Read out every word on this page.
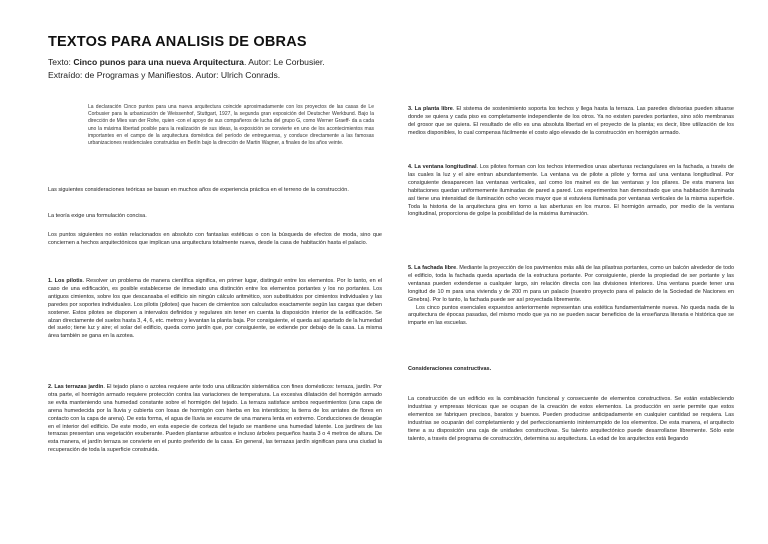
TEXTOS PARA ANALISIS DE OBRAS
Texto: Cinco punos para una nueva Arquitectura. Autor: Le Corbusier.
Extraído: de Programas y Manifiestos. Autor: Ulrich Conrads.

La declaración Cinco puntos para una nueva arquitectura coincide aproximadamente con los proyectos de las casas de Le Corbusier para la urbanización de Weissenhof, Stuttgart, 1927, la segunda gran exposición del Deutscher Werkbund. Bajo la dirección de Mies van der Rohe, quien -con el apoyo de sus compañeros de lucha del grupo G, como Werner Graeff- da a cada uno la máxima libertad posible para la realización de sus ideas, la exposición se convierte en uno de los acontecimientos mas importantes en el campo de la arquitectura doméstica del período de entreguerras, y conduce directamente a las famosas urbanizaciones residenciales construidas en Berlín bajo la dirección de Martin Wagner, a finales de los años veinte.

Las siguientes consideraciones teóricas se basan en muchos años de experiencia práctica en el terreno de la construcción.

La teoría exige una formulación concisa.

Los puntos siguientes no están relacionados en absoluto con fantasías estéticas o con la búsqueda de efectos de moda, sino que conciernen a hechos arquitectónicos que implican una arquitectura totalmente nueva, desde la casa de habitación hasta el palacio.

1. Los pilotis. Resolver un problema de manera científica significa, en primer lugar, distinguir entre los elementos. Por lo tanto, en el caso de una edificación, es posible establecerse de inmediato una distinción entre los elementos portantes y los no portantes. Los antiguos cimientos, sobre los que descansaba el edificio sin ningún cálculo aritmético, son substituidos por cimientos individuales y las paredes por soportes individuales. Los pilotis (pilotes) que hacen de cimientos son calculados exactamente según las cargas que deben sostener. Estos pilotes se disponen a intervalos definidos y regulares sin tener en cuenta la disposición interior de la edificación. Se alzan directamente del suelos hasta 3, 4, 6, etc. metros y levantan la planta baja. Por consiguiente, el queda así apartado de la humedad del suelo; tiene luz y aire; el solar del edificio, queda como jardín que, por consiguiente, se extiende por debajo de la casa. La misma área también se gana en la azotea.

2. Las terrazas jardín. El tejado plano o azotea requiere ante todo una utilización sistemática con fines domésticos: terraza, jardín. Por otra parte, el hormigón armado requiere protección contra las variaciones de temperatura. La excesiva dilatación del hormigón armado se evita manteniendo una humedad constante sobre el hormigón del tejado. La terraza satisface ambos requerimientos (una capa de arena humedecida por la lluvia y cubierta con losas de hormigón con hierba en los intersticios; la tierra de los arriates de flores en contacto con la capa de arena). De esta forma, el agua de lluvia se escurre de una manera lenta en extremo. Conducciones de desagüe en el interior del edificio. De este modo, en esta especie de corteza del tejado se mantiene una humedad latente. Los jardines de las terrazas presentan una vegetación exuberante. Pueden plantarse arbustos e incluso árboles pequeños hasta 3 o 4 metros de altura. De esta manera, el jardín terraza se convierte en el punto preferido de la casa. En general, las terrazas jardín significan para una ciudad la recuperación de toda la superficie construida.

3. La planta libre. El sistema de sostenimiento soporta los techos y llega hasta la terraza. Las paredes divisorias pueden situarse donde se quiera y cada piso es completamente independiente de los otros. Ya no existen paredes portantes, sino sólo membranas del grosor que se quiera. El resultado de ello es una absoluta libertad en el proyecto de la planta; es decir, libre utilización de los medios disponibles, lo cual compensa fácilmente el costo algo elevado de la construcción en hormigón armado.

4. La ventana longitudinal. Los pilotes forman con los techos intermedios unas aberturas rectangulares en la fachada, a través de las cuales la luz y el aire entran abundantemente. La ventana va de pilote a pilote y forma así una ventana longitudinal. Por consiguiente desaparecen las ventanas verticales, así como los mainel es de las ventanas y los pilares. De esta manera las habitaciones quedan uniformemente iluminadas de pared a pared. Los experimentos han demostrado que una habitación iluminada así tiene una intensidad de iluminación ocho veces mayor que si estuviera iluminada por ventanas verticales de la misma superficie. Toda la historia de la arquitectura gira en torno a las aberturas en los muros. El hormigón armado, por medio de la ventana longitudinal, proporciona de golpe la posibilidad de la máxima iluminación.

5. La fachada libre. Mediante la proyección de los pavimentos más allá de las pilastras portantes, como un balcón alrededor de todo el edificio, toda la fachada queda apartada de la estructura portante. Por consiguiente, pierde la propiedad de ser portante y las ventanas pueden extenderse a cualquier largo, sin relación directa con las divisiones interiores. Una ventana puede tener una longitud de 10 m para una vivienda y de 200 m para un palacio (nuestro proyecto para el palacio de la Sociedad de Naciones en Ginebra). Por lo tanto, la fachada puede ser así proyectada libremente.

Los cinco puntos esenciales expuestos anteriormente representan una estética fundamentalmente nueva. No queda nada de la arquitectura de épocas pasadas, del mismo modo que ya no se pueden sacar beneficios de la enseñanza literaria e histórica que se imparte en las escuelas.

Consideraciones constructivas.

La construcción de un edificio es la combinación funcional y consecuente de elementos constructivos. Se están estableciendo industrias y empresas técnicas que se ocupan de la creación de estos elementos. La producción en serie permite que estos elementos se fabriquen precisos, baratos y buenos. Pueden producirse anticipadamente en cualquier cantidad se requiera. Las industrias se ocuparán del completamiento y del perfeccionamiento ininterrumpido de los elementos. De esta manera, el arquitecto tiene a su disposición una caja de unidades constructivas. Su talento arquitectónico puede desarrollarse libremente. Sólo este talento, a través del programa de construcción, determina su arquitectura. La edad de los arquitectos está llegando
